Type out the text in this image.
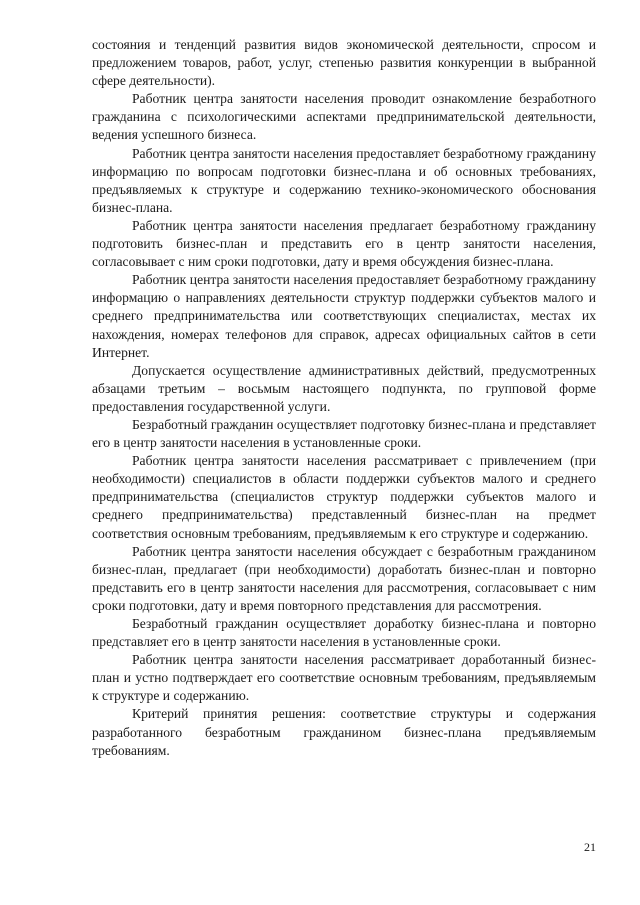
состояния и тенденций развития видов экономической деятельности, спросом и предложением товаров, работ, услуг, степенью развития конкуренции в выбранной сфере деятельности).

Работник центра занятости населения проводит ознакомление безработного гражданина с психологическими аспектами предпринимательской деятельности, ведения успешного бизнеса.

Работник центра занятости населения предоставляет безработному гражданину информацию по вопросам подготовки бизнес-плана и об основных требованиях, предъявляемых к структуре и содержанию технико-экономического обоснования бизнес-плана.

Работник центра занятости населения предлагает безработному гражданину подготовить бизнес-план и представить его в центр занятости населения, согласовывает с ним сроки подготовки, дату и время обсуждения бизнес-плана.

Работник центра занятости населения предоставляет безработному гражданину информацию о направлениях деятельности структур поддержки субъектов малого и среднего предпринимательства или соответствующих специалистах, местах их нахождения, номерах телефонов для справок, адресах официальных сайтов в сети Интернет.

Допускается осуществление административных действий, предусмотренных абзацами третьим – восьмым настоящего подпункта, по групповой форме предоставления государственной услуги.

Безработный гражданин осуществляет подготовку бизнес-плана и представляет его в центр занятости населения в установленные сроки.

Работник центра занятости населения рассматривает с привлечением (при необходимости) специалистов в области поддержки субъектов малого и среднего предпринимательства (специалистов структур поддержки субъектов малого и среднего предпринимательства) представленный бизнес-план на предмет соответствия основным требованиям, предъявляемым к его структуре и содержанию.

Работник центра занятости населения обсуждает с безработным гражданином бизнес-план, предлагает (при необходимости) доработать бизнес-план и повторно представить его в центр занятости населения для рассмотрения, согласовывает с ним сроки подготовки, дату и время повторного представления для рассмотрения.

Безработный гражданин осуществляет доработку бизнес-плана и повторно представляет его в центр занятости населения в установленные сроки.

Работник центра занятости населения рассматривает доработанный бизнес-план и устно подтверждает его соответствие основным требованиям, предъявляемым к структуре и содержанию.

Критерий принятия решения: соответствие структуры и содержания разработанного безработным гражданином бизнес-плана предъявляемым требованиям.

21
